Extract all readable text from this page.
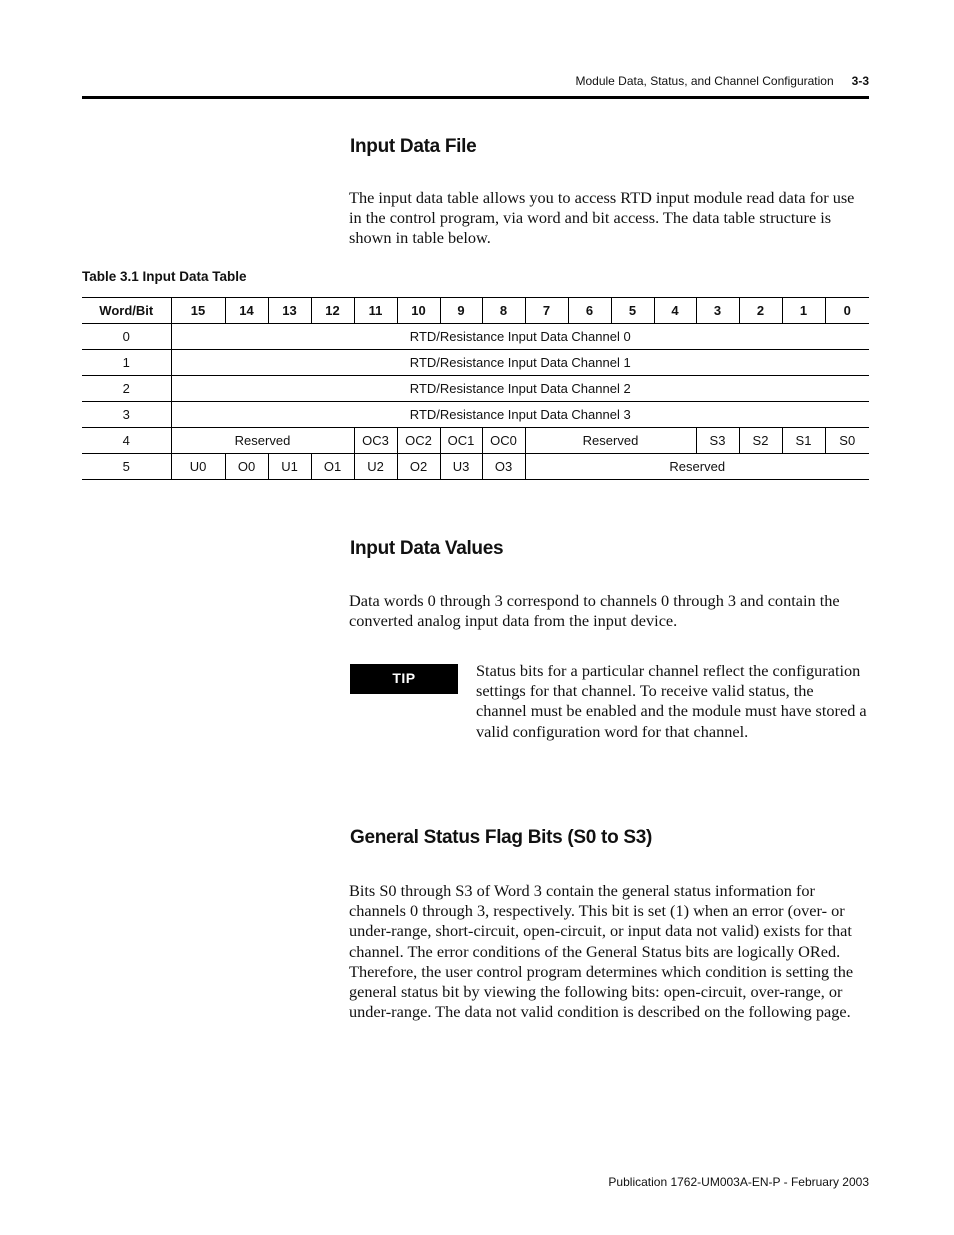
Module Data, Status, and Channel Configuration 3-3
Input Data File

The input data table allows you to access RTD input module read data for use in the control program, via word and bit access. The data table structure is shown in table below.

Table 3.1 Input Data Table

Word/Bit	15	14	13	12	11	10	9	8	7	6	5	4	3	2	1	0
0	RTD/Resistance Input Data Channel 0															
1	RTD/Resistance Input Data Channel 1															
2	RTD/Resistance Input Data Channel 2															
3	RTD/Resistance Input Data Channel 3															
4	Reserved				OC3	OC2	OC1	OC0	Reserved				S3	S2	S1	S0
5	U0	O0	U1	O1	U2	O2	U3	O3	Reserved							
Input Data Values

Data words 0 through 3 correspond to channels 0 through 3 and contain the converted analog input data from the input device.

TIP	Status bits for a particular channel reflect the configuration settings for that channel. To receive valid status, the channel must be enabled and the module must have stored a valid configuration word for that channel.

General Status Flag Bits (S0 to S3)

Bits S0 through S3 of Word 3 contain the general status information for channels 0 through 3, respectively. This bit is set (1) when an error (over- or under-range, short-circuit, open-circuit, or input data not valid) exists for that channel. The error conditions of the General Status bits are logically ORed. Therefore, the user control program determines which condition is setting the general status bit by viewing the following bits: open-circuit, over-range, or under-range. The data not valid condition is described on the following page.

Publication 1762-UM003A-EN-P - February 2003
